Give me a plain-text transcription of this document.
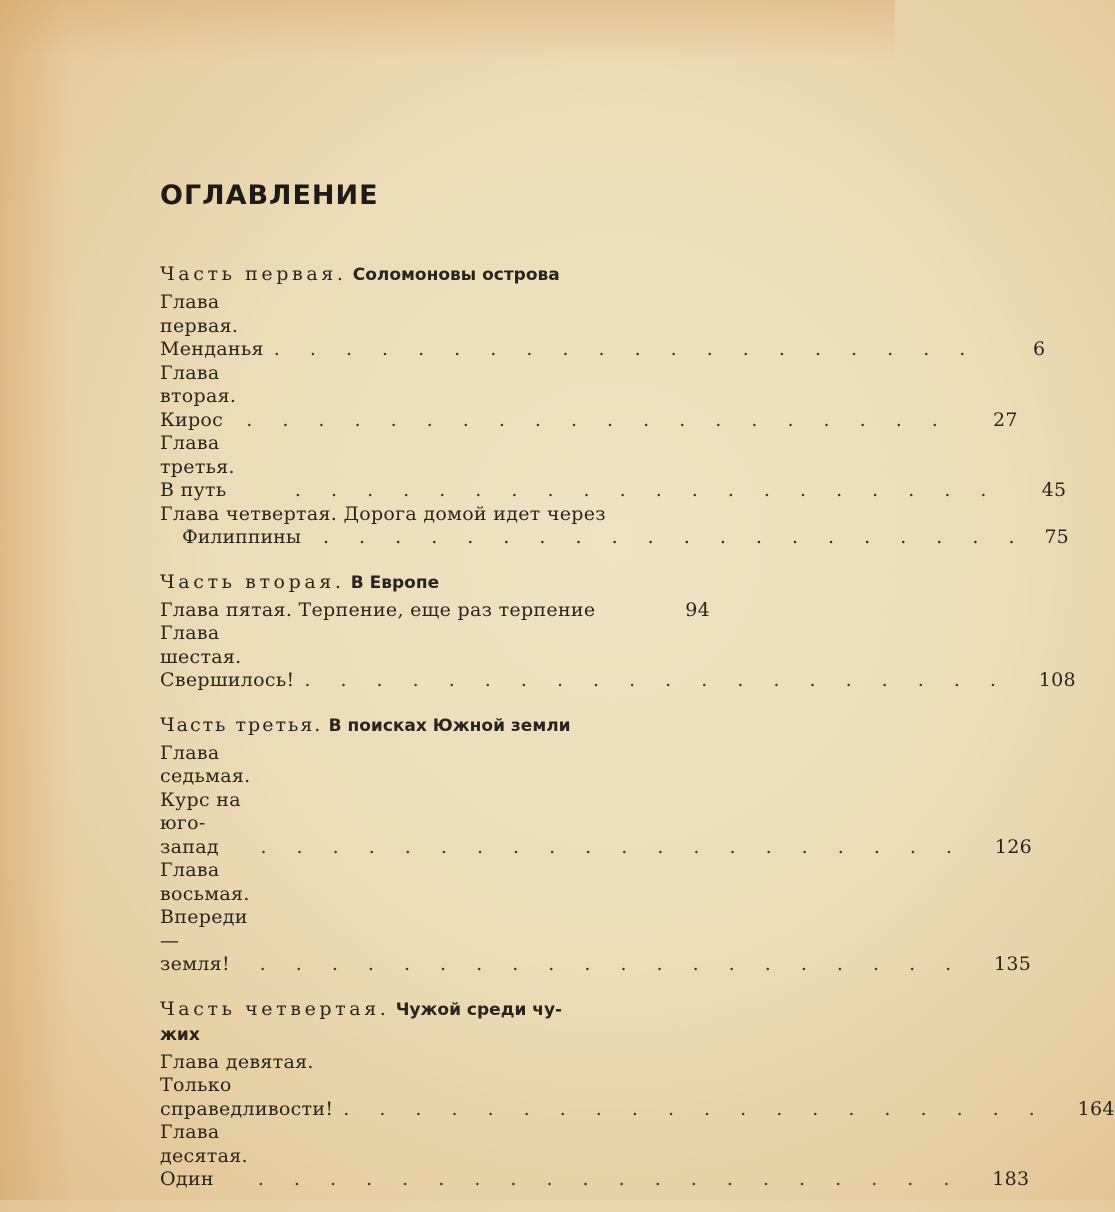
ОГЛАВЛЕНИЕ
Часть первая. Соломоновы острова
Глава первая. Менданья . . . . . . . . . . . . . . . . . . . .	6
Глава вторая. Кирос	. . . . . . . . . . . . . . . . . . . .	27
Глава третья. В путь	. . . . . . . . . . . . . . . . . . . .	45
Глава четвертая. Дорога домой идет через
Филиппины . . . . . . . . . . . . . . . . . . . . 75
Часть вторая. В Европе
Глава пятая. Терпение, еще раз терпение	94
Глава шестая. Свершилось! . . . . . . . . . . . . . . . . . . . .	108
Часть третья. В поисках Южной земли
Глава седьмая. Курс на юго-запад	. . . . . . . . . . . . . . . . . . . .	126
Глава восьмая. Впереди — земля!	. . . . . . . . . . . . . . . . . . . .	135
Часть четвертая. Чужой среди чу-
жих
Глава девятая. Только справедливости! . . . . . . . . . . . . . . . . . . . .	164
Глава десятая. Один	. . . . . . . . . . . . . . . . . . . .	183
